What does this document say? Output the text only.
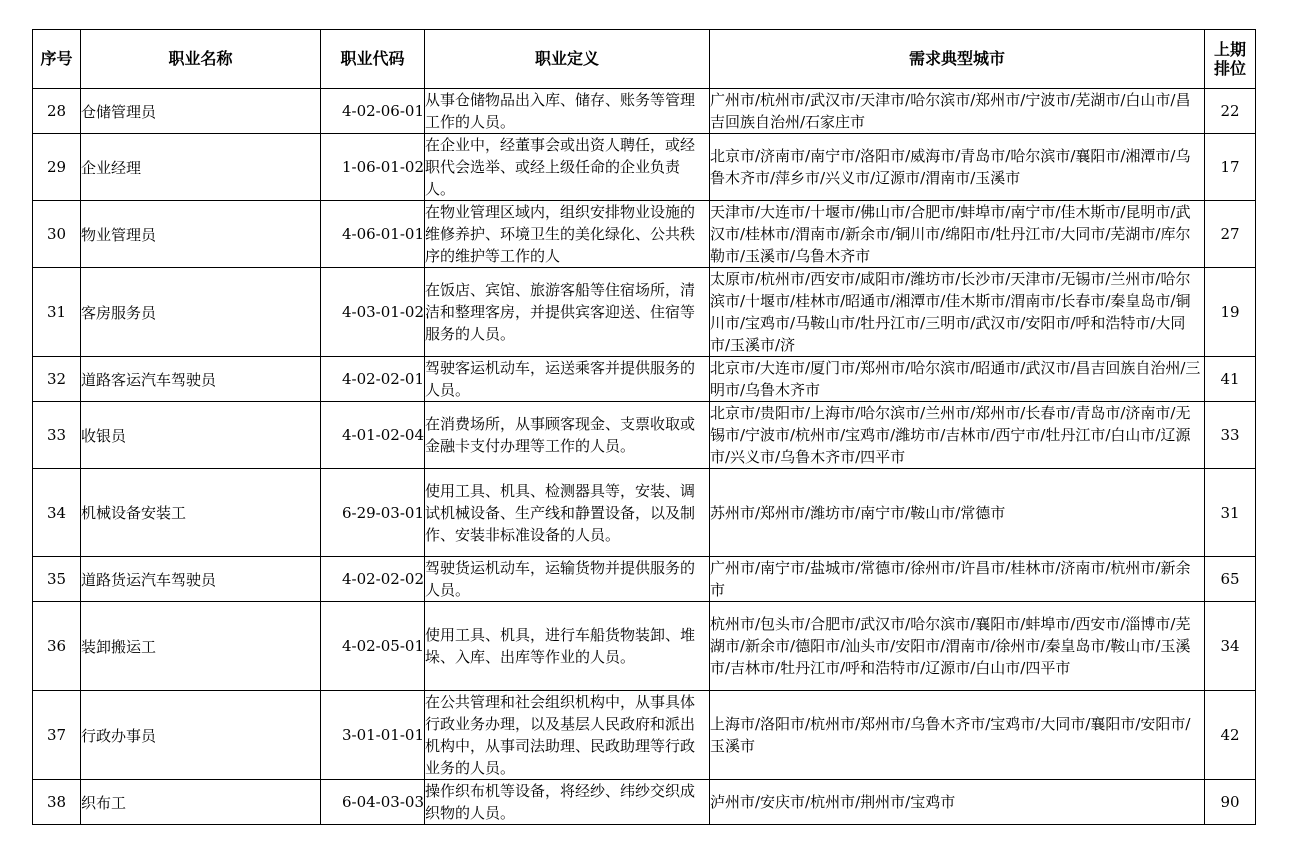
序号	职业名称	职业代码	职业定义	需求典型城市	上期排位

28	仓储管理员	4-02-06-01	从事仓储物品出入库、储存、账务等管理工作的人员。	广州市/杭州市/武汉市/天津市/哈尔滨市/郑州市/宁波市/芜湖市/白山市/昌吉回族自治州/石家庄市	22
29	企业经理	1-06-01-02	在企业中，经董事会或出资人聘任，或经职代会选举、或经上级任命的企业负责人。	北京市/济南市/南宁市/洛阳市/威海市/青岛市/哈尔滨市/襄阳市/湘潭市/乌鲁木齐市/萍乡市/兴义市/辽源市/渭南市/玉溪市	17
30	物业管理员	4-06-01-01	在物业管理区域内，组织安排物业设施的维修养护、环境卫生的美化绿化、公共秩序的维护等工作的人	天津市/大连市/十堰市/佛山市/合肥市/蚌埠市/南宁市/佳木斯市/昆明市/武汉市/桂林市/渭南市/新余市/铜川市/绵阳市/牡丹江市/大同市/芜湖市/库尔勒市/玉溪市/乌鲁木齐市	27
31	客房服务员	4-03-01-02	在饭店、宾馆、旅游客船等住宿场所，清洁和整理客房，并提供宾客迎送、住宿等服务的人员。	太原市/杭州市/西安市/咸阳市/潍坊市/长沙市/天津市/无锡市/兰州市/哈尔滨市/十堰市/桂林市/昭通市/湘潭市/佳木斯市/渭南市/长春市/秦皇岛市/铜川市/宝鸡市/马鞍山市/牡丹江市/三明市/武汉市/安阳市/呼和浩特市/大同市/玉溪市/济	19
32	道路客运汽车驾驶员	4-02-02-01	驾驶客运机动车，运送乘客并提供服务的人员。	北京市/大连市/厦门市/郑州市/哈尔滨市/昭通市/武汉市/昌吉回族自治州/三明市/乌鲁木齐市	41
33	收银员	4-01-02-04	在消费场所，从事顾客现金、支票收取或金融卡支付办理等工作的人员。	北京市/贵阳市/上海市/哈尔滨市/兰州市/郑州市/长春市/青岛市/济南市/无锡市/宁波市/杭州市/宝鸡市/潍坊市/吉林市/西宁市/牡丹江市/白山市/辽源市/兴义市/乌鲁木齐市/四平市	33
34	机械设备安装工	6-29-03-01	使用工具、机具、检测器具等，安装、调试机械设备、生产线和静置设备，以及制作、安装非标准设备的人员。	苏州市/郑州市/潍坊市/南宁市/鞍山市/常德市	31
35	道路货运汽车驾驶员	4-02-02-02	驾驶货运机动车，运输货物并提供服务的人员。	广州市/南宁市/盐城市/常德市/徐州市/许昌市/桂林市/济南市/杭州市/新余市	65
36	装卸搬运工	4-02-05-01	使用工具、机具，进行车船货物装卸、堆垛、入库、出库等作业的人员。	杭州市/包头市/合肥市/武汉市/哈尔滨市/襄阳市/蚌埠市/西安市/淄博市/芜湖市/新余市/德阳市/汕头市/安阳市/渭南市/徐州市/秦皇岛市/鞍山市/玉溪市/吉林市/牡丹江市/呼和浩特市/辽源市/白山市/四平市	34
37	行政办事员	3-01-01-01	在公共管理和社会组织机构中，从事具体行政业务办理，以及基层人民政府和派出机构中，从事司法助理、民政助理等行政业务的人员。	上海市/洛阳市/杭州市/郑州市/乌鲁木齐市/宝鸡市/大同市/襄阳市/安阳市/玉溪市	42
38	织布工	6-04-03-03	操作织布机等设备，将经纱、纬纱交织成织物的人员。	泸州市/安庆市/杭州市/荆州市/宝鸡市	90
